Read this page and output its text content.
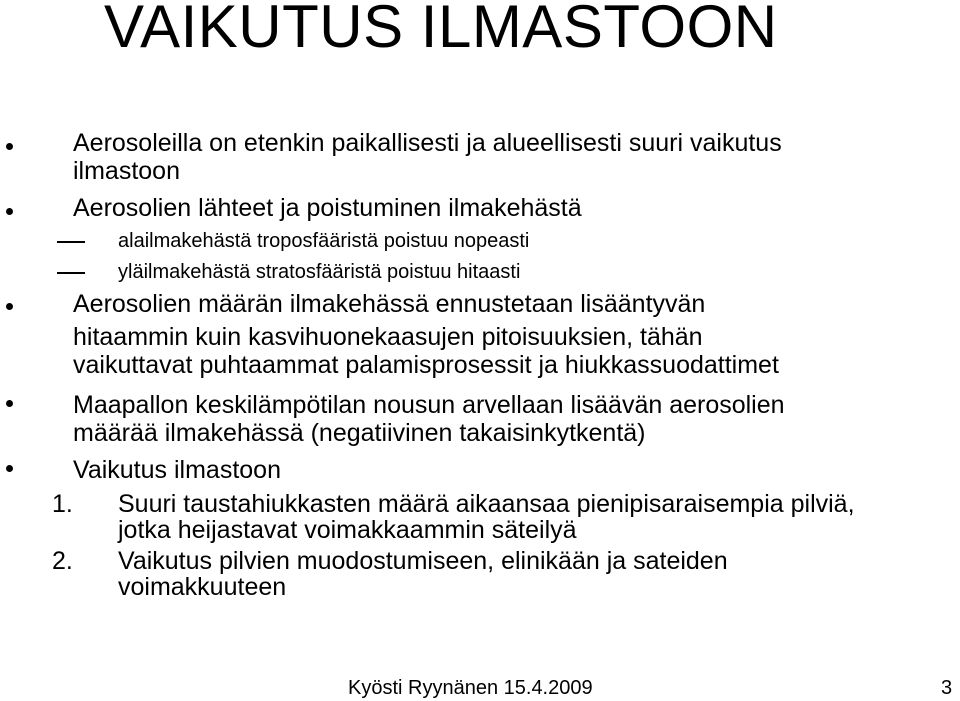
VAIKUTUS ILMASTOON
Aerosoleilla on etenkin paikallisesti ja alueellisesti suuri vaikutus
ilmastoon
Aerosolien lähteet ja poistuminen ilmakehästä
alailmakehästä troposfääristä poistuu nopeasti
yläilmakehästä stratosfääristä poistuu hitaasti
Aerosolien määrän ilmakehässä ennustetaan lisääntyvän
hitaammin kuin kasvihuonekaasujen pitoisuuksien, tähän
vaikuttavat puhtaammat palamisprosessit ja hiukkassuodattimet
Maapallon keskilämpötilan nousun arvellaan lisäävän aerosolien
määrää ilmakehässä (negatiivinen takaisinkytkentä)
Vaikutus ilmastoon
1. Suuri taustahiukkasten määrä aikaansaa pienipisaraisempia pilviä,
jotka heijastavat voimakkaammin säteilyä
2. Vaikutus pilvien muodostumiseen, elinikään ja sateiden
voimakkuuteen
Kyösti Ryynänen 15.4.2009	3
